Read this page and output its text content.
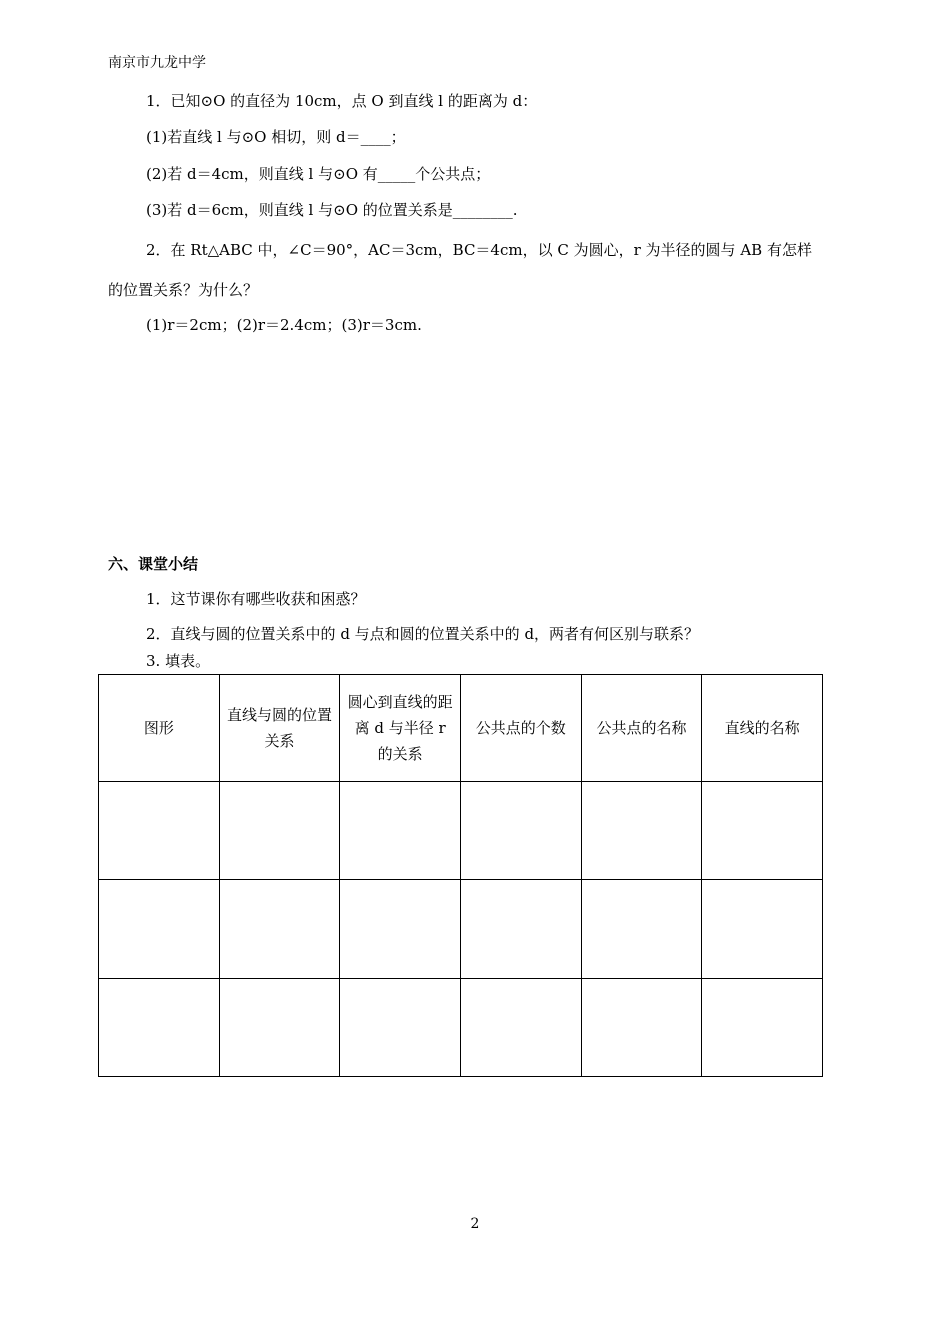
南京市九龙中学
1．已知⊙O 的直径为 10cm，点 O 到直线 l 的距离为 d：
(1)若直线 l 与⊙O 相切，则 d＝____；
(2)若 d＝4cm，则直线 l 与⊙O 有_____个公共点；
(3)若 d＝6cm，则直线 l 与⊙O 的位置关系是________.
2．在 Rt△ABC 中，∠C＝90°，AC＝3cm，BC＝4cm，以 C 为圆心，r 为半径的圆与 AB 有怎样
的位置关系？为什么？
(1)r＝2cm；(2)r＝2.4cm；(3)r＝3cm.
六、课堂小结
1．这节课你有哪些收获和困惑？
2．直线与圆的位置关系中的 d 与点和圆的位置关系中的 d，两者有何区别与联系？
3. 填表。
图形	直线与圆的位置关系	圆心到直线的距离 d 与半径 r 的关系	公共点的个数	公共点的名称	直线的名称

2
